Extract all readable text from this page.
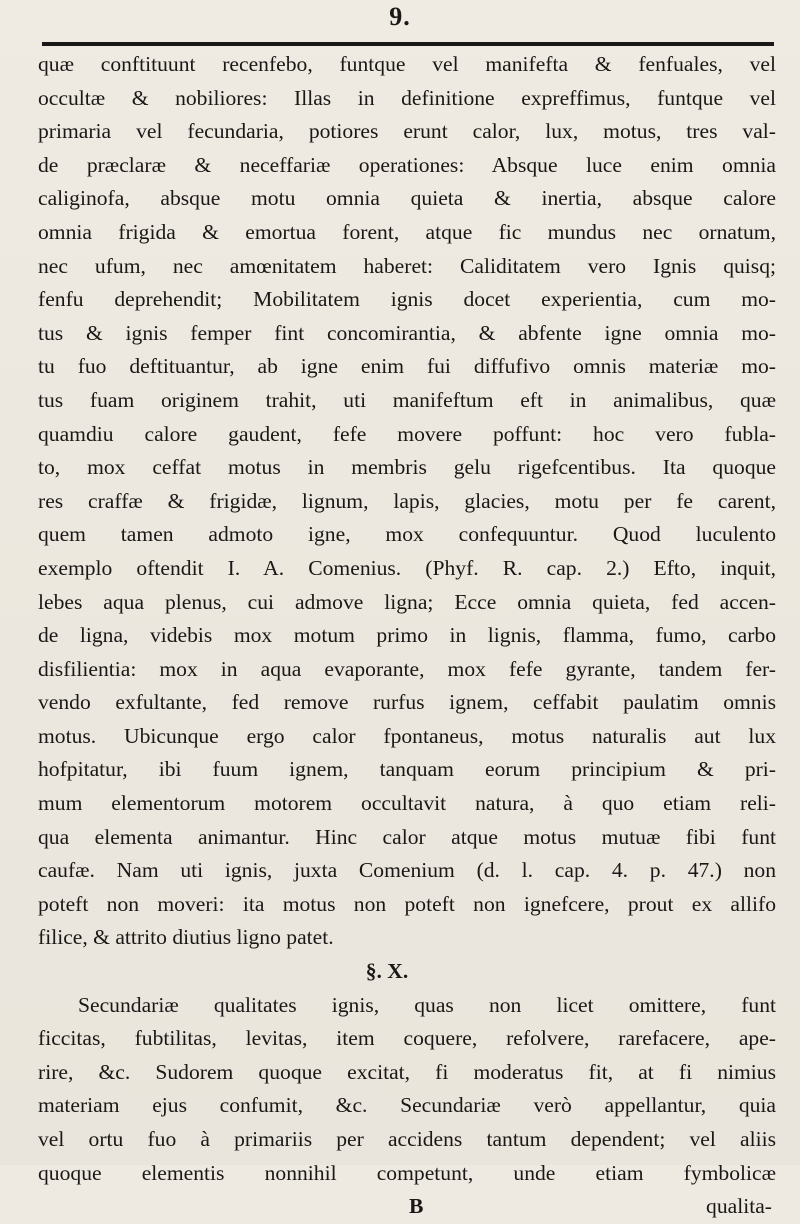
9.
quæ conftituunt recenfebo, funtque vel manifefta & fenfuales, vel
occultæ & nobiliores: Illas in definitione expreffimus, funtque vel
primaria vel fecundaria, potiores erunt calor, lux, motus, tres val-
de præclaræ & neceffariæ operationes: Absque luce enim omnia
caliginofa, absque motu omnia quieta & inertia, absque calore
omnia frigida & emortua forent, atque fic mundus nec ornatum,
nec ufum, nec amœnitatem haberet: Caliditatem vero Ignis quisq;
fenfu deprehendit; Mobilitatem ignis docet experientia, cum mo-
tus & ignis femper fint concomirantia, & abfente igne omnia mo-
tu fuo deftituantur, ab igne enim fui diffufivo omnis materiæ mo-
tus fuam originem trahit, uti manifeftum eft in animalibus, quæ
quamdiu calore gaudent, fefe movere poffunt: hoc vero fubla-
to, mox ceffat motus in membris gelu rigefcentibus. Ita quoque
res craffæ & frigidæ, lignum, lapis, glacies, motu per fe carent,
quem tamen admoto igne, mox confequuntur. Quod luculento
exemplo oftendit I. A. Comenius. (Phyf. R. cap. 2.) Efto, inquit,
lebes aqua plenus, cui admove ligna; Ecce omnia quieta, fed accen-
de ligna, videbis mox motum primo in lignis, flamma, fumo, carbo
disfilientia: mox in aqua evaporante, mox fefe gyrante, tandem fer-
vendo exfultante, fed remove rurfus ignem, ceffabit paulatim omnis
motus. Ubicunque ergo calor fpontaneus, motus naturalis aut lux
hofpitatur, ibi fuum ignem, tanquam eorum principium & pri-
mum elementorum motorem occultavit natura, à quo etiam reli-
qua elementa animantur. Hinc calor atque motus mutuæ fibi funt
caufæ. Nam uti ignis, juxta Comenium (d. l. cap. 4. p. 47.) non
poteft non moveri: ita motus non poteft non ignefcere, prout ex allifo
filice, & attrito diutius ligno patet.
§. X.
Secundariæ qualitates ignis, quas non licet omittere, funt
ficcitas, fubtilitas, levitas, item coquere, refolvere, rarefacere, ape-
rire, &c. Sudorem quoque excitat, fi moderatus fit, at fi nimius
materiam ejus confumit, &c. Secundariæ verò appellantur, quia
vel ortu fuo à primariis per accidens tantum dependent; vel aliis
quoque elementis nonnihil competunt, unde etiam fymbolicæ
B	qualita-
